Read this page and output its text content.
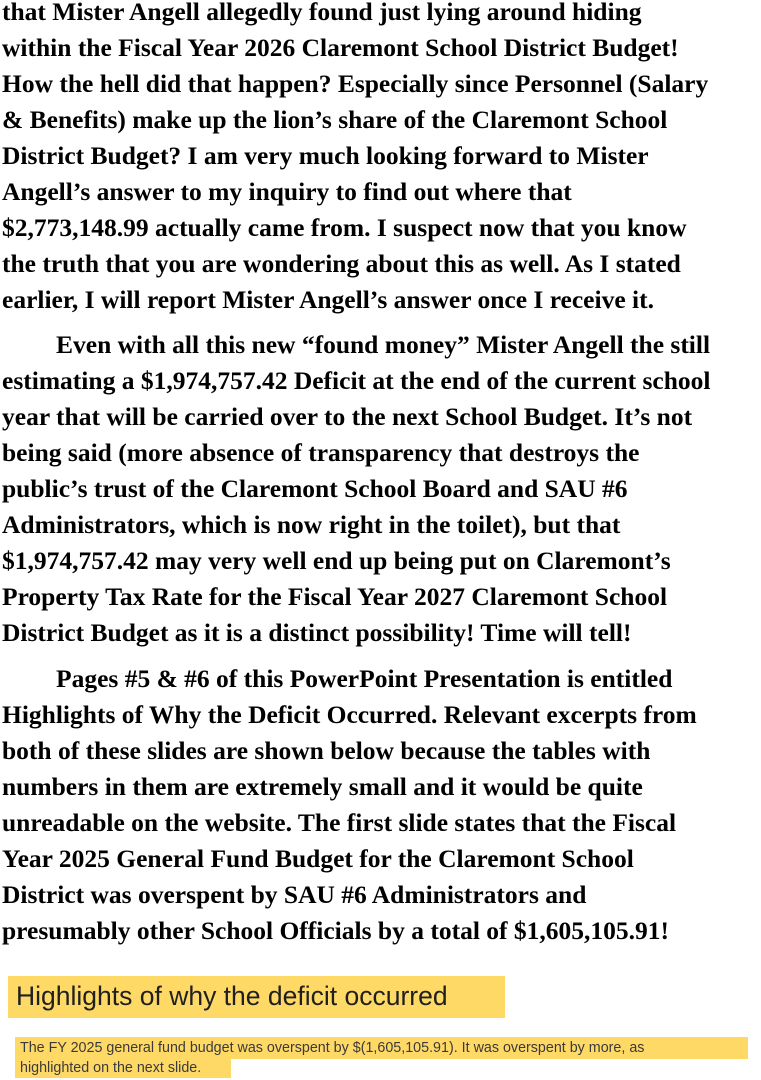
that Mister Angell allegedly found just lying around hiding
within the Fiscal Year 2026 Claremont School District Budget!
How the hell did that happen? Especially since Personnel (Salary
& Benefits) make up the lion’s share of the Claremont School
District Budget? I am very much looking forward to Mister
Angell’s answer to my inquiry to find out where that
$2,773,148.99 actually came from. I suspect now that you know
the truth that you are wondering about this as well. As I stated
earlier, I will report Mister Angell’s answer once I receive it.

Even with all this new “found money” Mister Angell the still
estimating a $1,974,757.42 Deficit at the end of the current school
year that will be carried over to the next School Budget. It’s not
being said (more absence of transparency that destroys the
public’s trust of the Claremont School Board and SAU #6
Administrators, which is now right in the toilet), but that
$1,974,757.42 may very well end up being put on Claremont’s
Property Tax Rate for the Fiscal Year 2027 Claremont School
District Budget as it is a distinct possibility! Time will tell!

Pages #5 & #6 of this PowerPoint Presentation is entitled
Highlights of Why the Deficit Occurred. Relevant excerpts from
both of these slides are shown below because the tables with
numbers in them are extremely small and it would be quite
unreadable on the website. The first slide states that the Fiscal
Year 2025 General Fund Budget for the Claremont School
District was overspent by SAU #6 Administrators and
presumably other School Officials by a total of $1,605,105.91!

Highlights of why the deficit occurred
The FY 2025 general fund budget was overspent by $(1,605,105.91). It was overspent by more, as
highlighted on the next slide.
